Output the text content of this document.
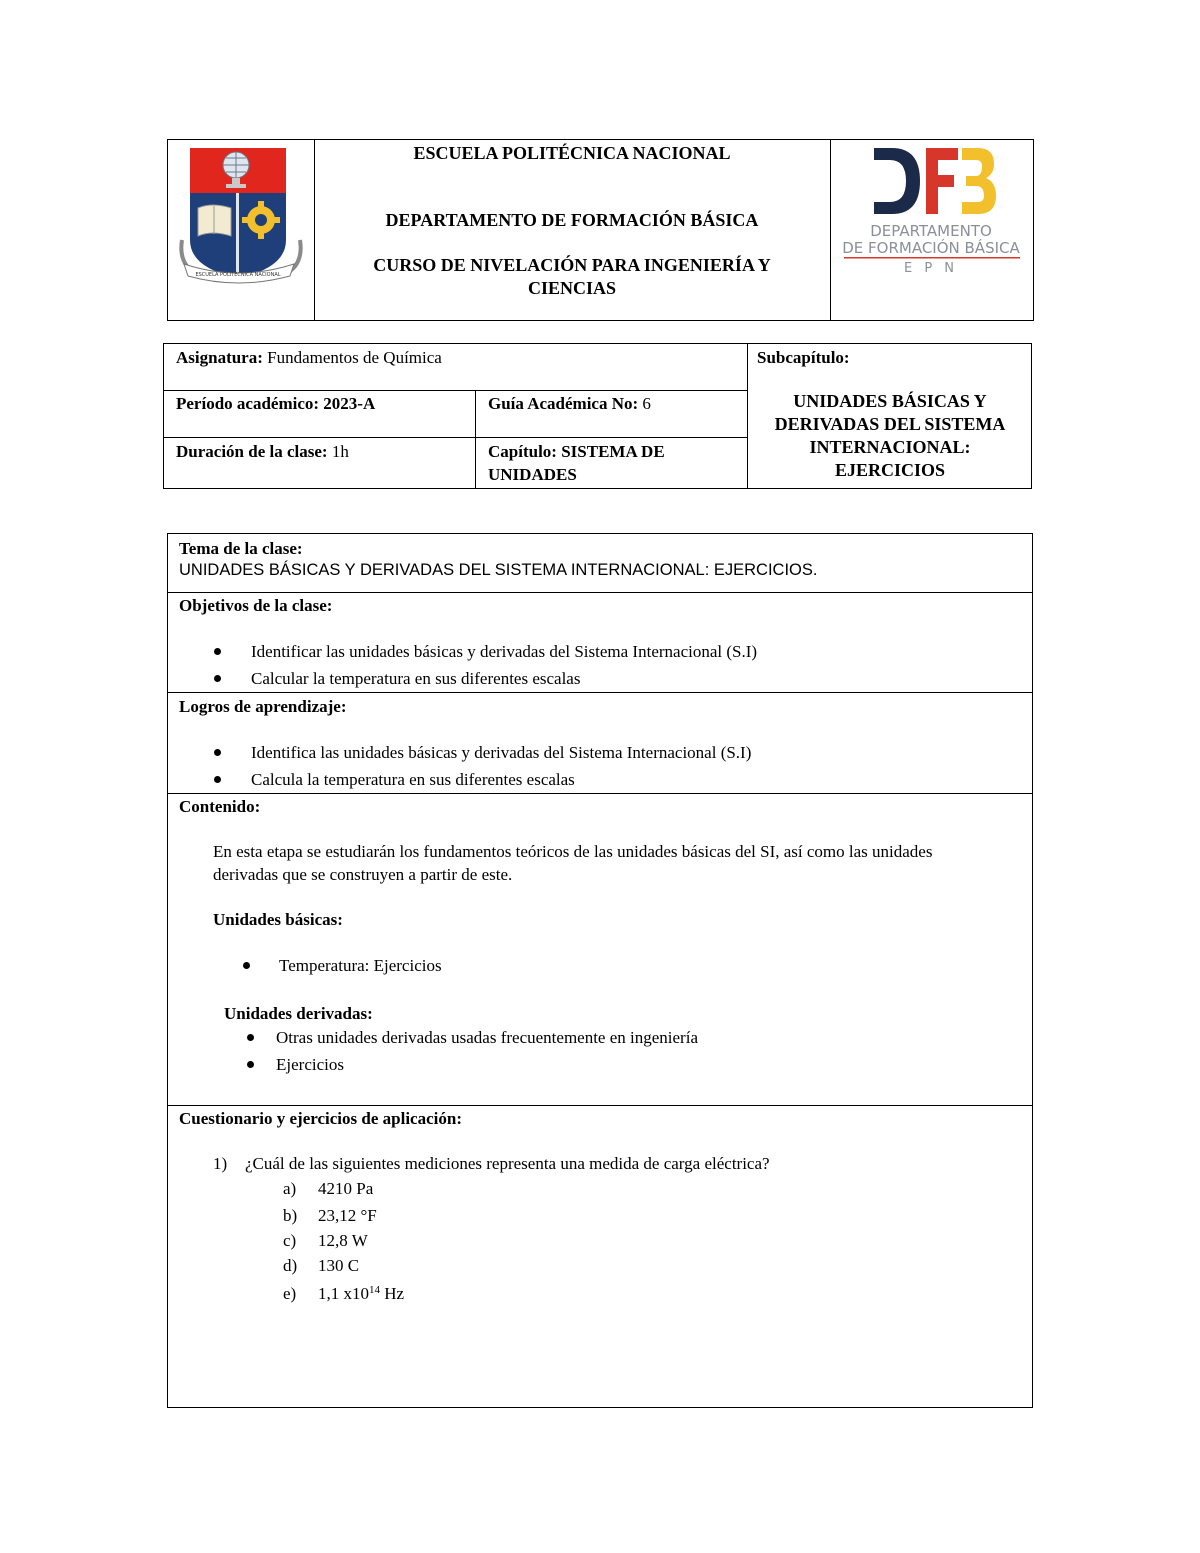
ESCUELA POLITÉCNICA NACIONAL
ESCUELA POLITÉCNICA NACIONAL
DEPARTAMENTO DE FORMACIÓN BÁSICA
CURSO DE NIVELACIÓN PARA INGENIERÍA Y
CIENCIAS
DEPARTAMENTO
DE FORMACIÓN BÁSICA
E P N
Asignatura: Fundamentos de Química
Período académico: 2023-A	Guía Académica No: 6
Duración de la clase: 1h	Capítulo: SISTEMA DE
UNIDADES
Subcapítulo:
UNIDADES BÁSICAS Y
DERIVADAS DEL SISTEMA
INTERNACIONAL:
EJERCICIOS
Tema de la clase:
UNIDADES BÁSICAS Y DERIVADAS DEL SISTEMA INTERNACIONAL: EJERCICIOS.
Objetivos de la clase:
Identificar las unidades básicas y derivadas del Sistema Internacional (S.I)
Calcular la temperatura en sus diferentes escalas
Logros de aprendizaje:
Identifica las unidades básicas y derivadas del Sistema Internacional (S.I)
Calcula la temperatura en sus diferentes escalas
Contenido:
En esta etapa se estudiarán los fundamentos teóricos de las unidades básicas del SI, así como las unidades
derivadas que se construyen a partir de este.
Unidades básicas:
Temperatura: Ejercicios
Unidades derivadas:
Otras unidades derivadas usadas frecuentemente en ingeniería
Ejercicios
Cuestionario y ejercicios de aplicación:
1) ¿Cuál de las siguientes mediciones representa una medida de carga eléctrica?
a) 4210 Pa
b) 23,12 °F
c) 12,8 W
d) 130 C
e) 1,1 $x10^{14}$ Hz
